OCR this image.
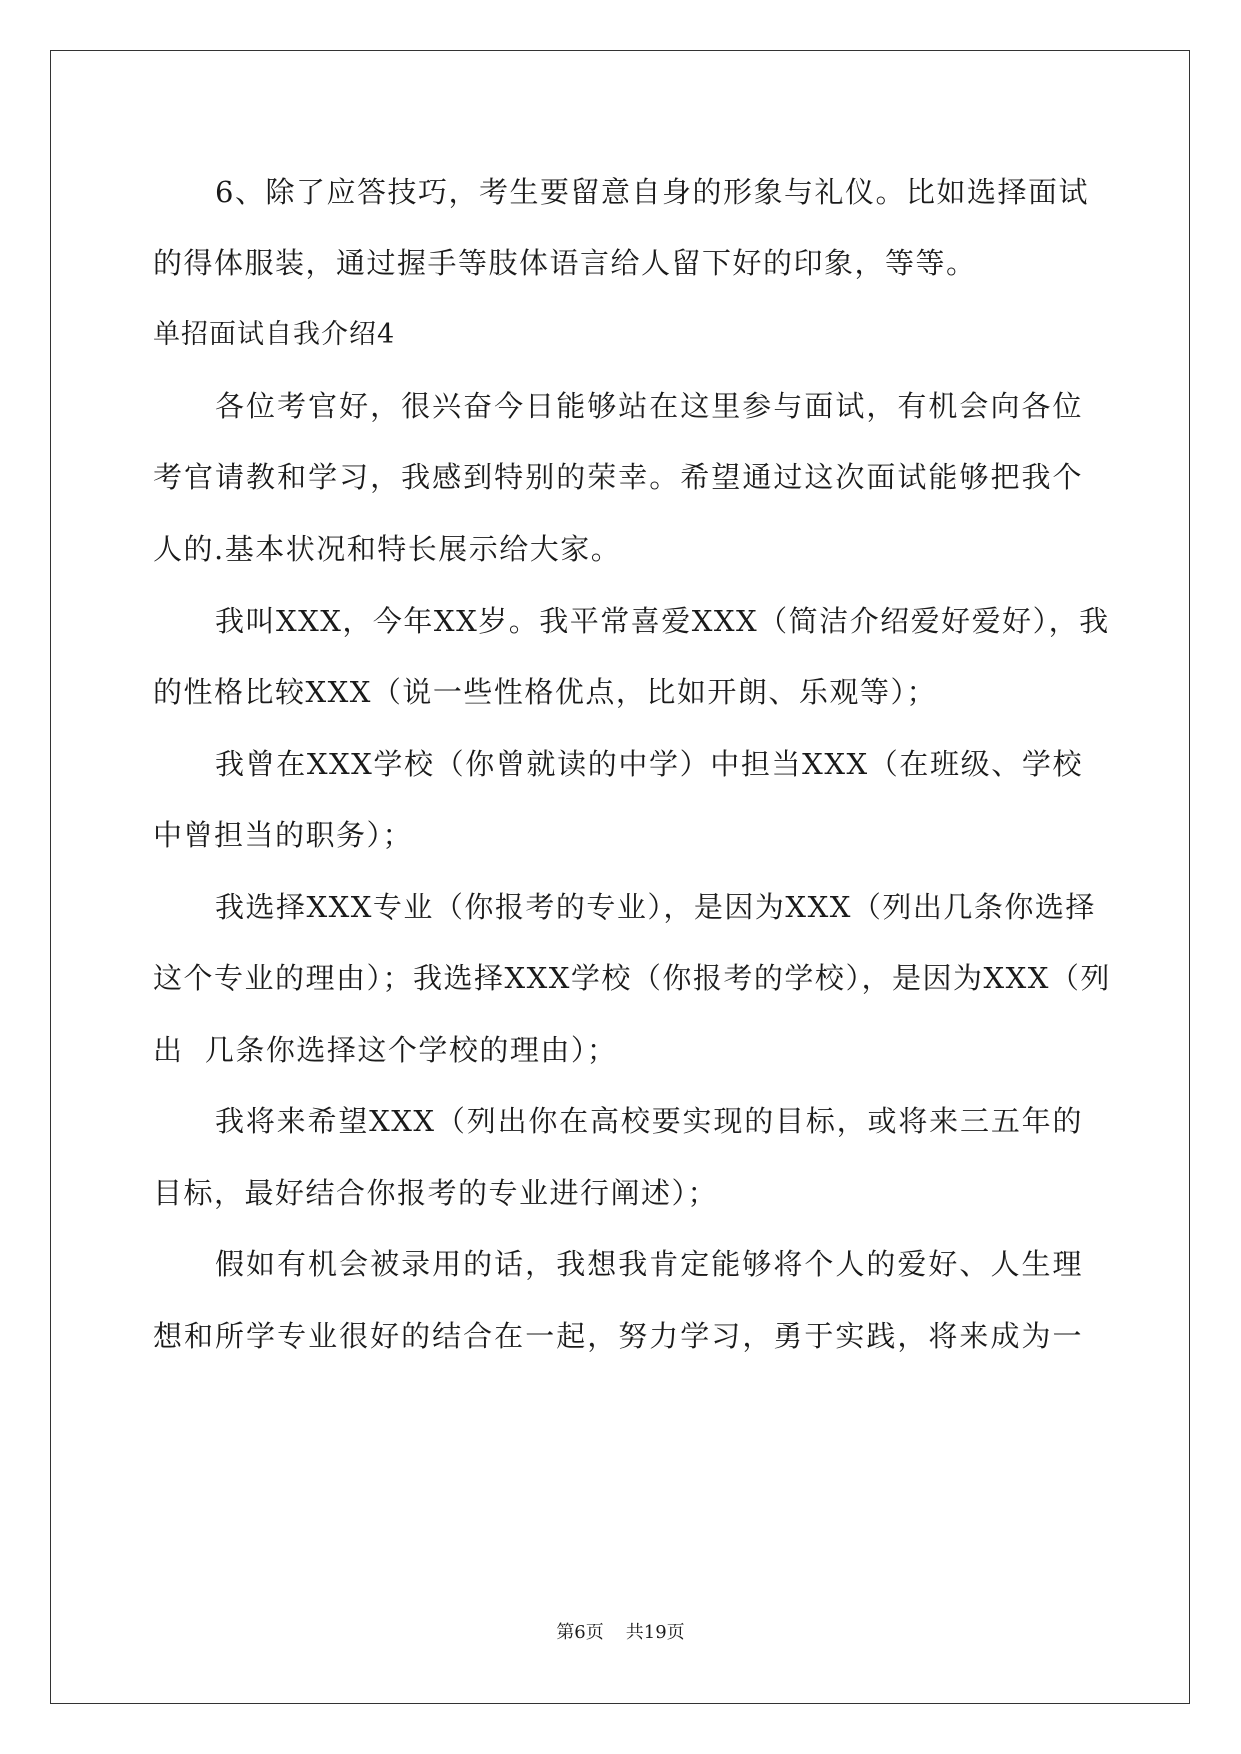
6、除了应答技巧，考生要留意自身的形象与礼仪。比如选择面试
的得体服装，通过握手等肢体语言给人留下好的印象，等等。
单招面试自我介绍4
各位考官好，很兴奋今日能够站在这里参与面试，有机会向各位
考官请教和学习，我感到特别的荣幸。希望通过这次面试能够把我个
人的.基本状况和特长展示给大家。
我叫XXX，今年XX岁。我平常喜爱XXX（简洁介绍爱好爱好），我
的性格比较XXX（说一些性格优点，比如开朗、乐观等）；
我曾在XXX学校（你曾就读的中学）中担当XXX（在班级、学校
中曾担当的职务）；
我选择XXX专业（你报考的专业），是因为XXX（列出几条你选择
这个专业的理由）；我选择XXX学校（你报考的学校），是因为XXX（列
出  几条你选择这个学校的理由）；
我将来希望XXX（列出你在高校要实现的目标，或将来三五年的
目标，最好结合你报考的专业进行阐述）；
假如有机会被录用的话，我想我肯定能够将个人的爱好、人生理
想和所学专业很好的结合在一起，努力学习，勇于实践，将来成为一
第6页 共19页
